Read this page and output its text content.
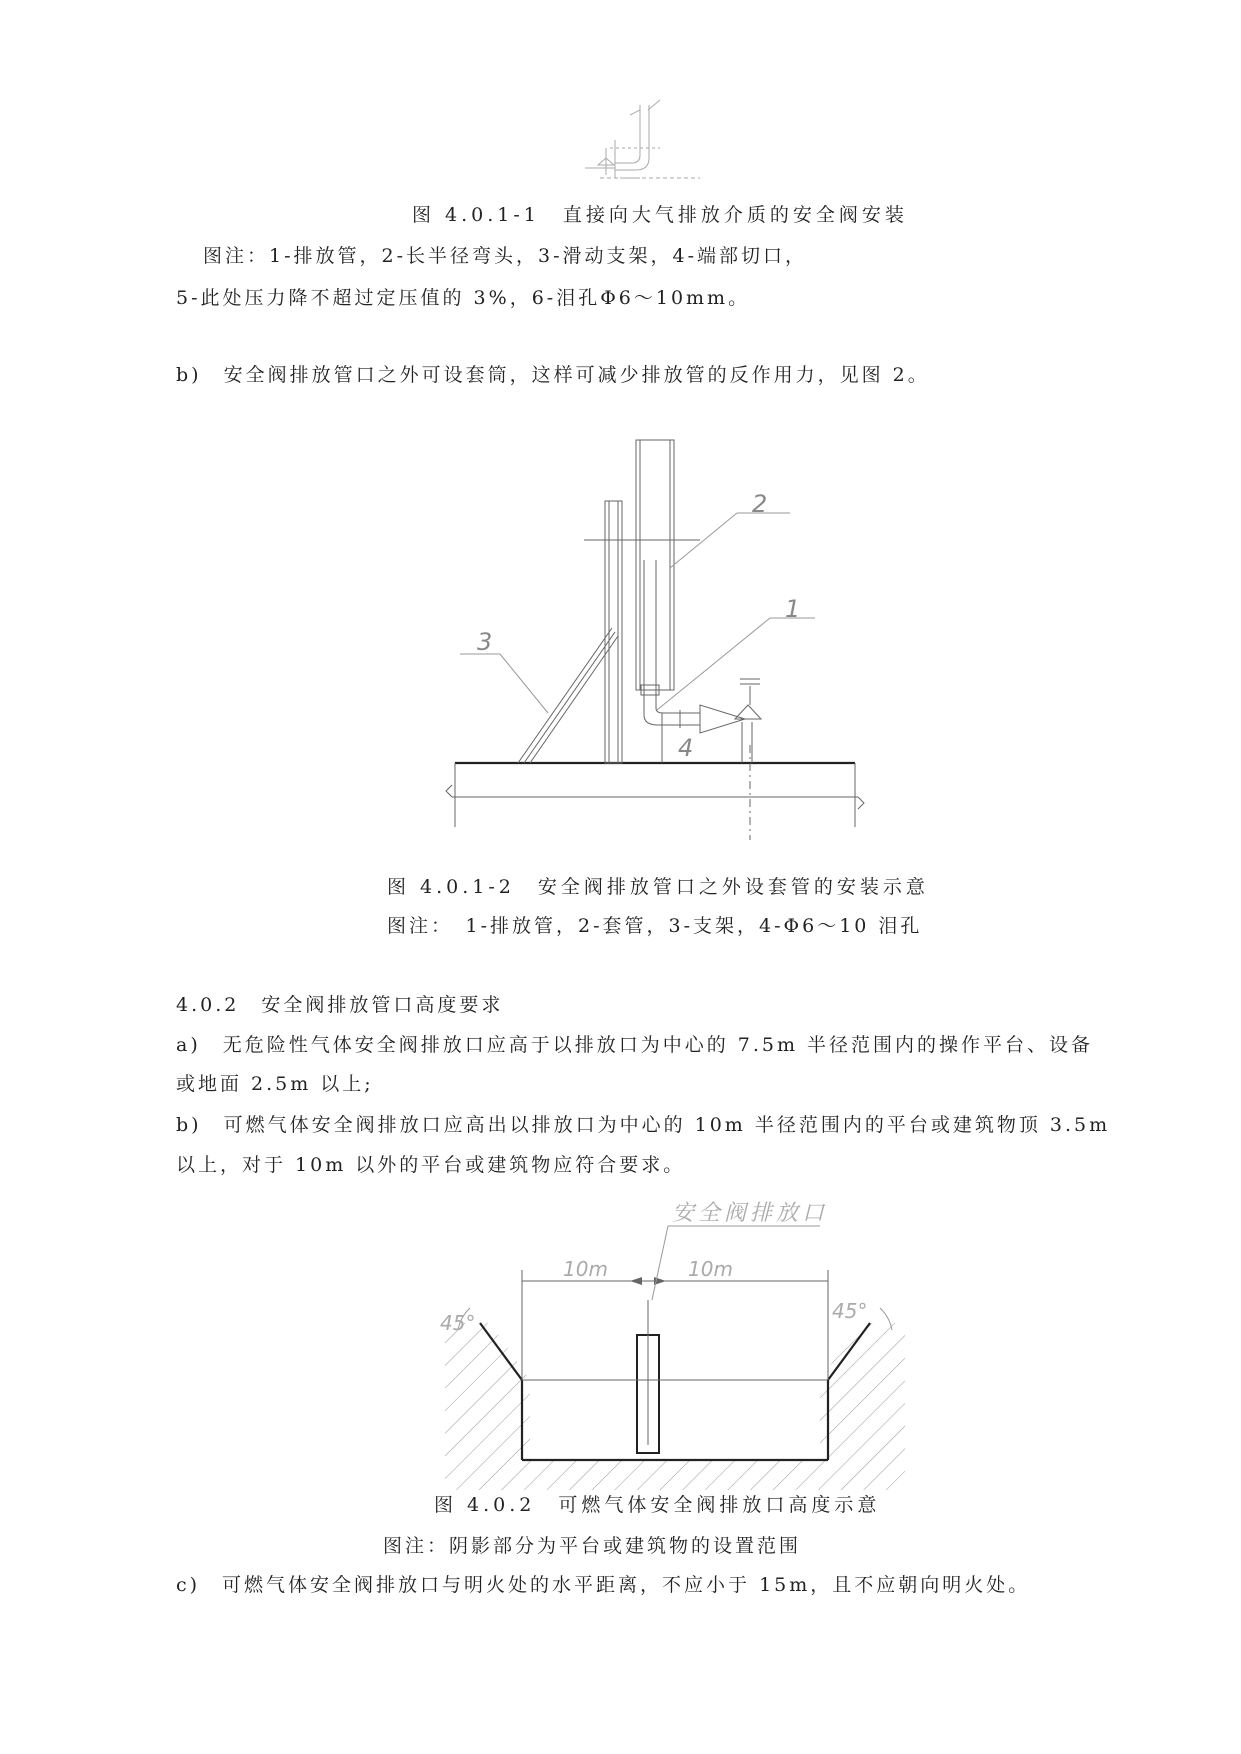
图 4.0.1-1　直接向大气排放介质的安全阀安装
图注：1-排放管，2-长半径弯头，3-滑动支架，4-端部切口，
5-此处压力降不超过定压值的 3%，6-泪孔Φ6～10mm。
b)　安全阀排放管口之外可设套筒，这样可减少排放管的反作用力，见图 2。
2
1
3
4
图 4.0.1-2　安全阀排放管口之外设套管的安装示意
图注：　1-排放管，2-套管，3-支架，4-Φ6～10 泪孔
4.0.2　安全阀排放管口高度要求
a)　无危险性气体安全阀排放口应高于以排放口为中心的 7.5m 半径范围内的操作平台、设备
或地面 2.5m 以上;
b)　可燃气体安全阀排放口应高出以排放口为中心的 10m 半径范围内的平台或建筑物顶 3.5m
以上，对于 10m 以外的平台或建筑物应符合要求。
安全阀排放口
10m	10m
45°	45°
图 4.0.2　可燃气体安全阀排放口高度示意
图注：阴影部分为平台或建筑物的设置范围
c)　可燃气体安全阀排放口与明火处的水平距离，不应小于 15m，且不应朝向明火处。
